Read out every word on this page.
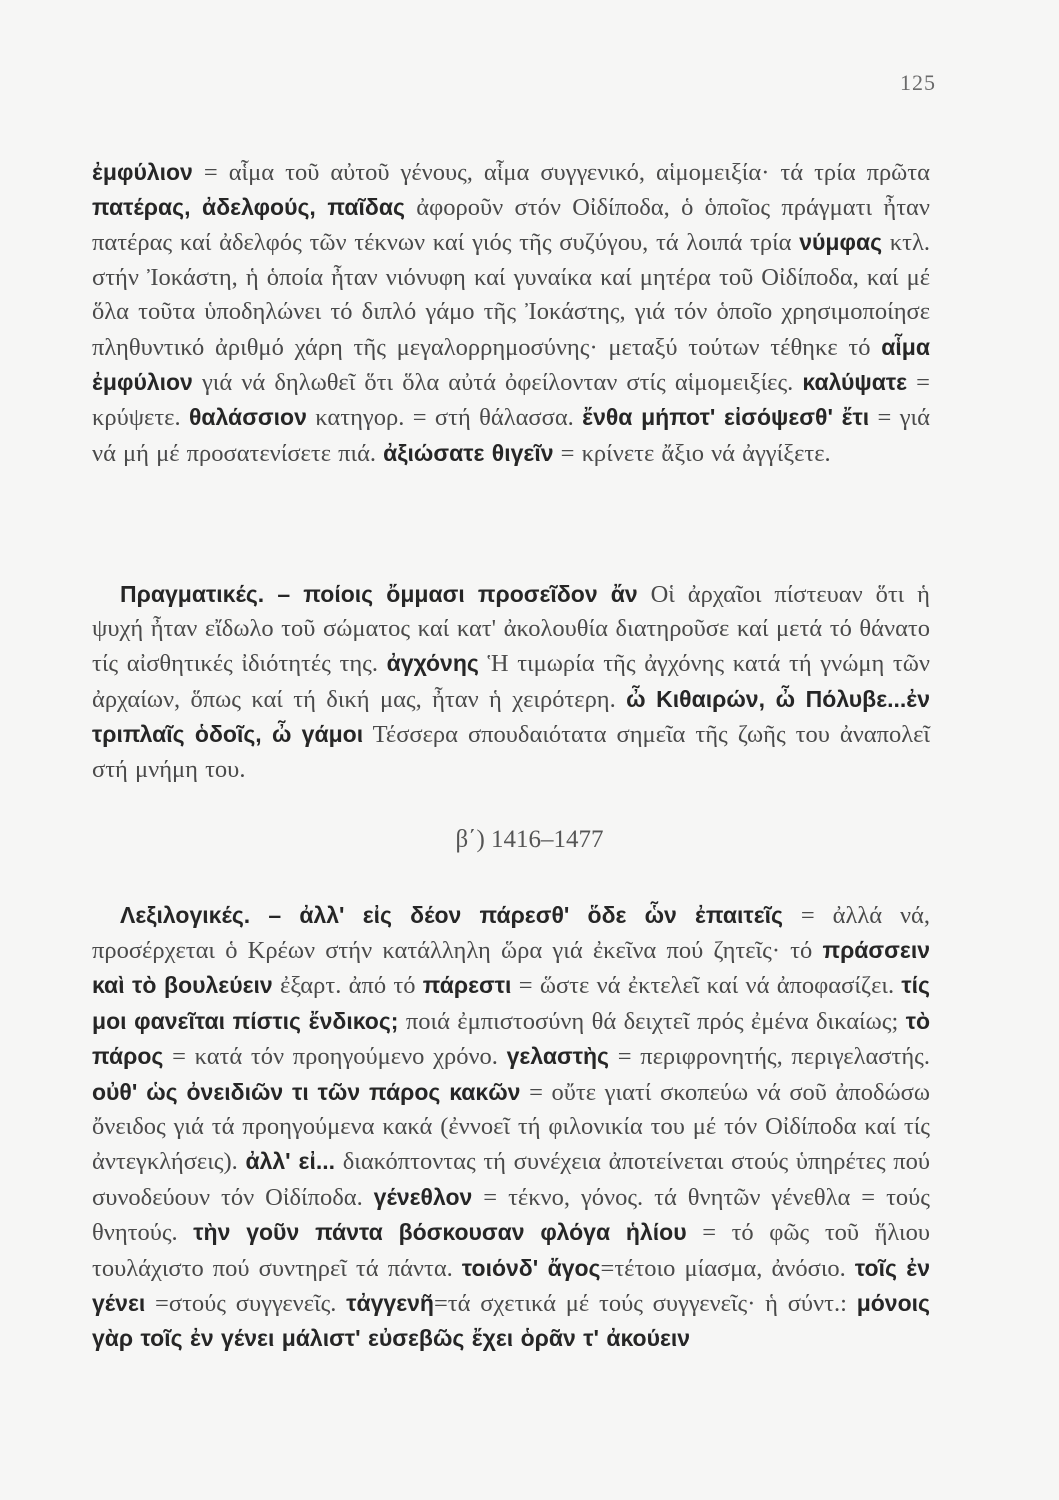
125

ἐμφύλιον = αἷμα τοῦ αὐτοῦ γένους, αἷμα συγγενικό, αἱμομειξία· τά τρία πρῶτα πατέρας, ἀδελφούς, παῖδας ἀφοροῦν στόν Οἰδίποδα, ὁ ὁποῖος πράγματι ἦταν πατέρας καί ἀδελφός τῶν τέκνων καί γιός τῆς συζύγου, τά λοιπά τρία νύμφας κτλ. στήν Ἰοκάστη, ἡ ὁποία ἦταν νιόνυφη καί γυναίκα καί μητέρα τοῦ Οἰδίποδα, καί μέ ὅλα τοῦτα ὑποδηλώνει τό διπλό γάμο τῆς Ἰοκάστης, γιά τόν ὁποῖο χρησιμοποίησε πληθυντικό ἀριθμό χάρη τῆς μεγαλορρημοσύνης· μεταξύ τούτων τέθηκε τό αἷμα ἐμφύλιον γιά νά δηλωθεῖ ὅτι ὅλα αὐτά ὀφείλονταν στίς αἱμομειξίες. καλύψατε = κρύψετε. θαλάσσιον κατηγορ. = στή θάλασσα. ἔνθα μήποτ' εἰσόψεσθ' ἔτι = γιά νά μή μέ προσατενίσετε πιά. ἀξιώσατε θιγεῖν = κρίνετε ἄξιο νά ἀγγίξετε.

Πραγματικές. – ποίοις ὄμμασι προσεῖδον ἄν Οἱ ἀρχαῖοι πίστευαν ὅτι ἡ ψυχή ἦταν εἴδωλο τοῦ σώματος καί κατ' ἀκολουθία διατηροῦσε καί μετά τό θάνατο τίς αἰσθητικές ἰδιότητές της. ἀγχόνης Ἡ τιμωρία τῆς ἀγχόνης κατά τή γνώμη τῶν ἀρχαίων, ὅπως καί τή δική μας, ἦταν ἡ χειρότερη. ὦ Κιθαιρών, ὦ Πόλυβε...ἐν τριπλαῖς ὁδοῖς, ὦ γάμοι Τέσσερα σπουδαιότατα σημεῖα τῆς ζωῆς του ἀναπολεῖ στή μνήμη του.

β΄) 1416–1477

Λεξιλογικές. – ἀλλ' εἰς δέον πάρεσθ' ὅδε ὧν ἐπαιτεῖς = ἀλλά νά, προσέρχεται ὁ Κρέων στήν κατάλληλη ὥρα γιά ἐκεῖνα πού ζητεῖς· τό πράσσειν καὶ τὸ βουλεύειν ἐξαρτ. ἀπό τό πάρεστι = ὥστε νά ἐκτελεῖ καί νά ἀποφασίζει. τίς μοι φανεῖται πίστις ἔνδικος; ποιά ἐμπιστοσύνη θά δειχτεῖ πρός ἐμένα δικαίως; τὸ πάρος = κατά τόν προηγούμενο χρόνο. γελαστὴς = περιφρονητής, περιγελαστής. οὐθ' ὡς ὀνειδιῶν τι τῶν πάρος κακῶν = οὔτε γιατί σκοπεύω νά σοῦ ἀποδώσω ὄνειδος γιά τά προηγούμενα κακά (ἐννοεῖ τή φιλονικία του μέ τόν Οἰδίποδα καί τίς ἀντεγκλήσεις). ἀλλ' εἰ... διακόπτοντας τή συνέχεια ἀποτείνεται στούς ὑπηρέτες πού συνοδεύουν τόν Οἰδίποδα. γένεθλον = τέκνο, γόνος. τά θνητῶν γένεθλα = τούς θνητούς. τὴν γοῦν πάντα βόσκουσαν φλόγα ἡλίου = τό φῶς τοῦ ἥλιου τουλάχιστο πού συντηρεῖ τά πάντα. τοιόνδ' ἄγος=τέτοιο μίασμα, ἀνόσιο. τοῖς ἐν γένει =στούς συγγενεῖς. τἀγγενῆ=τά σχετικά μέ τούς συγγενεῖς· ἡ σύντ.: μόνοις γὰρ τοῖς ἐν γένει μάλιστ' εὐσεβῶς ἔχει ὁρᾶν τ' ἀκούειν
